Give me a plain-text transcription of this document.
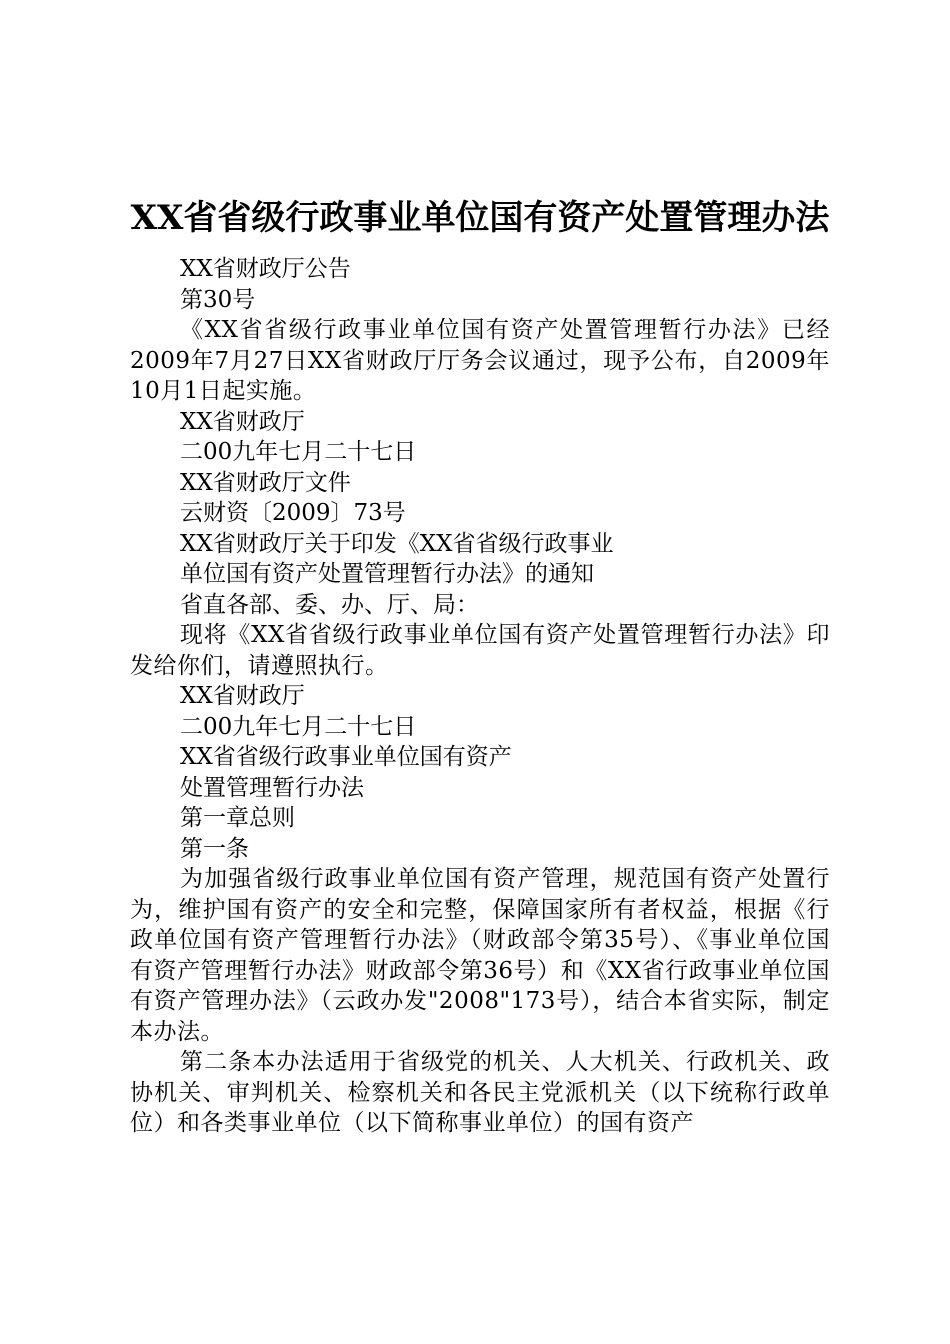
XX省省级行政事业单位国有资产处置管理办法

XX省财政厅公告

第30号

《XX省省级行政事业单位国有资产处置管理暂行办法》已经2009年7月27日XX省财政厅厅务会议通过，现予公布，自2009年10月1日起实施。

XX省财政厅

二00九年七月二十七日

XX省财政厅文件

云财资〔2009〕73号

XX省财政厅关于印发《XX省省级行政事业

单位国有资产处置管理暂行办法》的通知

省直各部、委、办、厅、局：

现将《XX省省级行政事业单位国有资产处置管理暂行办法》印发给你们，请遵照执行。

XX省财政厅

二00九年七月二十七日

XX省省级行政事业单位国有资产

处置管理暂行办法

第一章总则

第一条

为加强省级行政事业单位国有资产管理，规范国有资产处置行为，维护国有资产的安全和完整，保障国家所有者权益，根据《行政单位国有资产管理暂行办法》（财政部令第35号）、《事业单位国有资产管理暂行办法》财政部令第36号）和《XX省行政事业单位国有资产管理办法》（云政办发"2008"173号），结合本省实际，制定本办法。

第二条本办法适用于省级党的机关、人大机关、行政机关、政协机关、审判机关、检察机关和各民主党派机关（以下统称行政单位）和各类事业单位（以下简称事业单位）的国有资产
